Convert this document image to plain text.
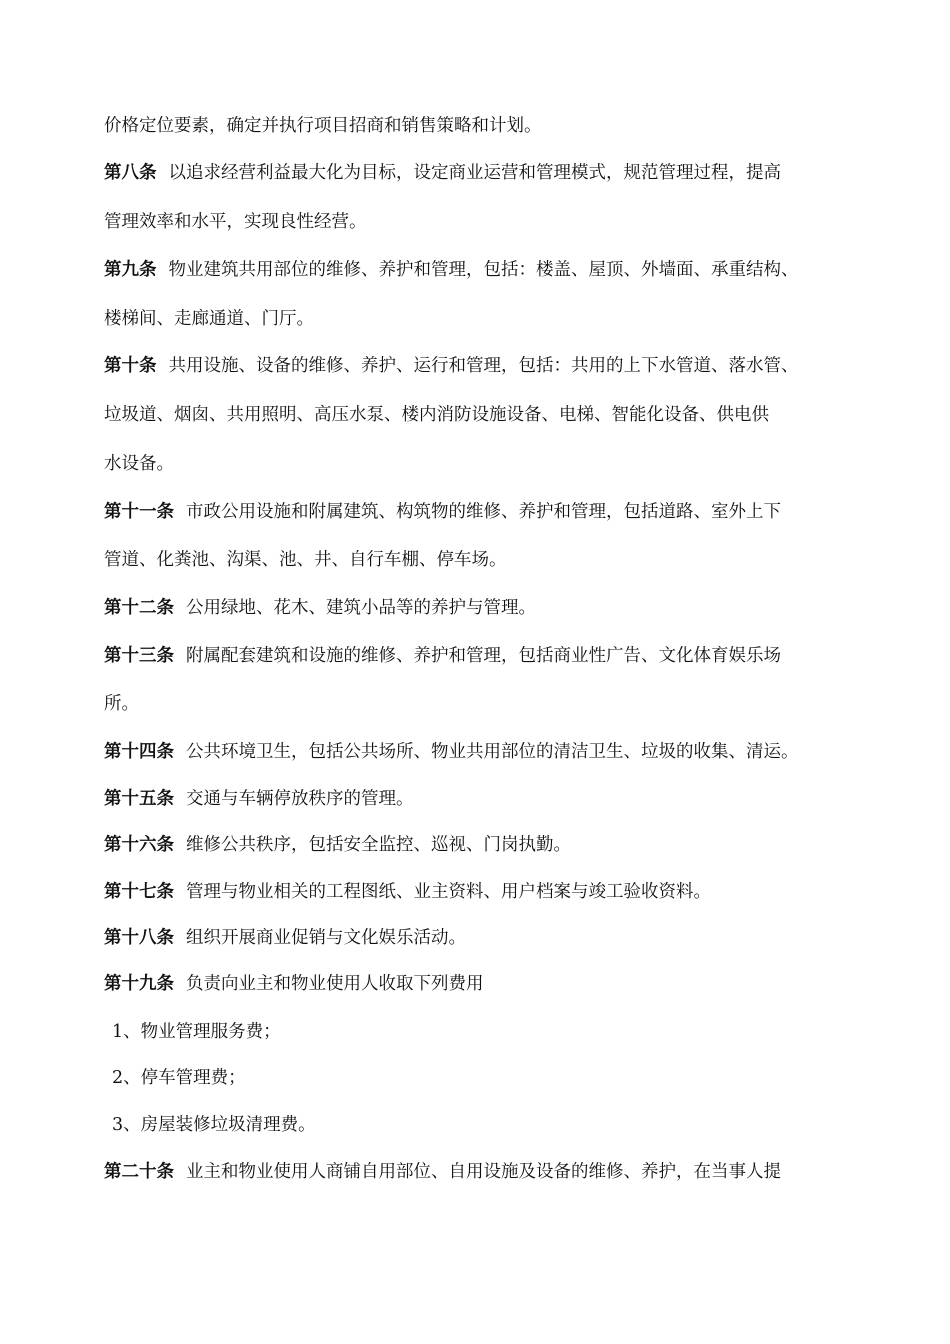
价格定位要素，确定并执行项目招商和销售策略和计划。
第八条 以追求经营利益最大化为目标，设定商业运营和管理模式，规范管理过程，提高
管理效率和水平，实现良性经营。
第九条 物业建筑共用部位的维修、养护和管理，包括：楼盖、屋顶、外墙面、承重结构、
楼梯间、走廊通道、门厅。
第十条 共用设施、设备的维修、养护、运行和管理，包括：共用的上下水管道、落水管、
垃圾道、烟囱、共用照明、高压水泵、楼内消防设施设备、电梯、智能化设备、供电供
水设备。
第十一条 市政公用设施和附属建筑、构筑物的维修、养护和管理，包括道路、室外上下
管道、化粪池、沟渠、池、井、自行车棚、停车场。
第十二条 公用绿地、花木、建筑小品等的养护与管理。
第十三条 附属配套建筑和设施的维修、养护和管理，包括商业性广告、文化体育娱乐场
所。
第十四条 公共环境卫生，包括公共场所、物业共用部位的清洁卫生、垃圾的收集、清运。
第十五条 交通与车辆停放秩序的管理。
第十六条 维修公共秩序，包括安全监控、巡视、门岗执勤。
第十七条 管理与物业相关的工程图纸、业主资料、用户档案与竣工验收资料。
第十八条 组织开展商业促销与文化娱乐活动。
第十九条 负责向业主和物业使用人收取下列费用
1、物业管理服务费；
2、停车管理费；
3、房屋装修垃圾清理费。
第二十条 业主和物业使用人商铺自用部位、自用设施及设备的维修、养护，在当事人提
